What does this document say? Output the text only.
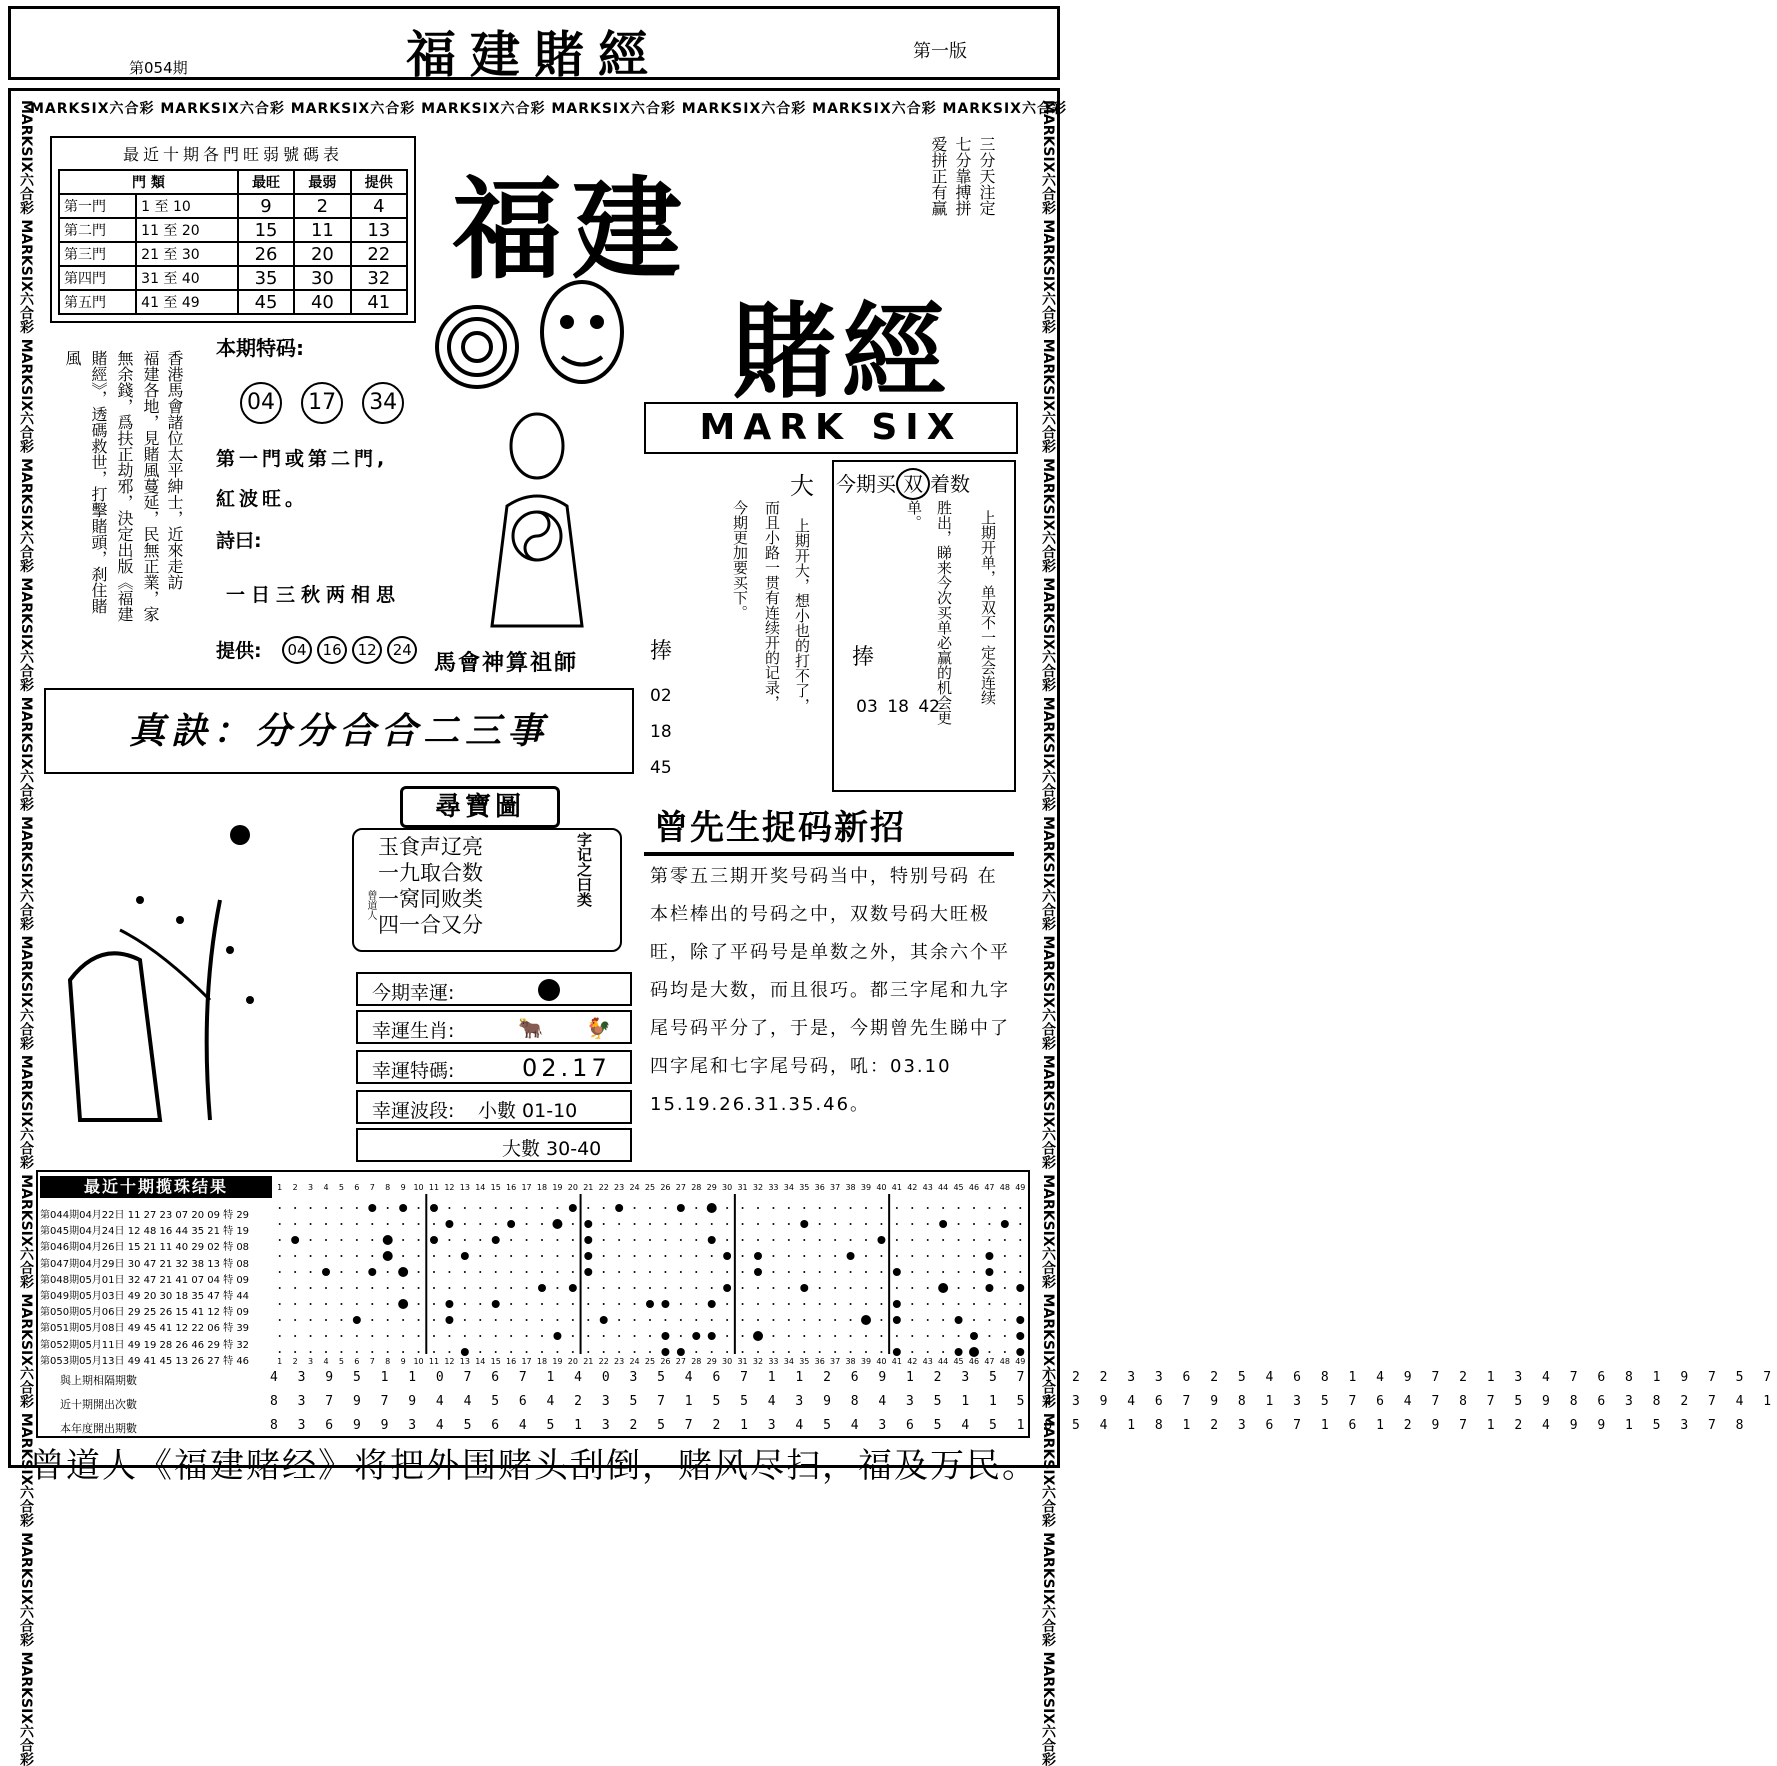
福建賭經
第054期
第一版
MARKSIX六合彩 MARKSIX六合彩 MARKSIX六合彩 MARKSIX六合彩 MARKSIX六合彩 MARKSIX六合彩 MARKSIX六合彩 MARKSIX六合彩
MARKSIX六合彩 MARKSIX六合彩 MARKSIX六合彩 MARKSIX六合彩 MARKSIX六合彩 MARKSIX六合彩 MARKSIX六合彩 MARKSIX六合彩 MARKSIX六合彩 MARKSIX六合彩 MARKSIX六合彩 MARKSIX六合彩 MARKSIX六合彩 MARKSIX六合彩	MARKSIX六合彩 MARKSIX六合彩 MARKSIX六合彩 MARKSIX六合彩 MARKSIX六合彩 MARKSIX六合彩 MARKSIX六合彩 MARKSIX六合彩 MARKSIX六合彩 MARKSIX六合彩 MARKSIX六合彩 MARKSIX六合彩 MARKSIX六合彩 MARKSIX六合彩
最近十期各門旺弱號碼表
門 類		最旺	最弱	提供
第一門	1 至 10	9	2	4
第二門	11 至 20	15	11	13
第三門	21 至 30	26	20	22
第四門	31 至 40	35	30	32
第五門	41 至 49	45	40	41
福建
賭經
爱拼正有赢 七分靠搏拼 三分天注定
香港馬會諸位太平紳士，近來走訪
福建各地，見賭風蔓延，民無正業，家
無余錢，爲扶正劫邪，決定出版《福建
賭經》，透碼救世，打擊賭頭，刹住賭
風	本期特码:
04 17 34
第一門或第二門,
紅波旺。
詩曰:
一日三秋两相思
提供:	04 16 12 24
馬會神算祖師
MARK SIX
大 今期买 双 着数
上期开单，单双不一定会连续
胜出，睇来今次买单必赢的机会更
单。
捧
03 18 42
上期开大，想小也的打不了，
而且小路一贯有连续开的记录，
今期更加要买下。
捧
02
18
45
真訣：分分合合二三事
尋寶圖
玉食声辽亮
一九取合数
一窝同败类
四一合又分
字记之曰类
曾道人
今期幸運:
幸運生肖:	🐂 🐓
幸運特碼:	02.17
幸運波段: 小數 01-10
大數 30-40
曾先生捉码新招
第零五三期开奖号码当中，特别号码 在本栏棒出的号码之中，双数号码大旺极旺，除了平码号是单数之外，其余六个平码均是大数，而且很巧。都三字尾和九字尾号码平分了，于是，今期曾先生睇中了四字尾和七字尾号码，吼：03.10 15.19.26.31.35.46。
最近十期揽珠结果
第044期04月22日 11 27 23 07 20 09 特 29
第045期04月24日 12 48 16 44 35 21 特 19
第046期04月26日 15 21 11 40 29 02 特 08
第047期04月29日 30 47 21 32 38 13 特 08
第048期05月01日 32 47 21 41 07 04 特 09
第049期05月03日 49 20 30 18 35 47 特 44
第050期05月06日 29 25 26 15 41 12 特 09
第051期05月08日 49 45 41 12 22 06 特 39
第052期05月11日 49 19 28 26 46 29 特 32
第053期05月13日 49 41 45 13 26 27 特 46
1
1
2
2
3
3
4
4
5
5
6
6
7
7
8
8
9
9
10
10
11
11
12
12
13
13
14
14
15
15
16
16
17
17
18
18
19
19
20
20
21
21
22
22
23
23
24
24
25
25
26
26
27
27
28
28
29
29
30
30
31
31
32
32
33
33
34
34
35
35
36
36
37
37
38
38
39
39
40
40
41
41
42
42
43
43
44
44
45
45
46
46
47
47
48
48
49
49
與上期相隔期數
近十期開出次數
本年度開出期數
4 3 9 5 1 1 0 7 6 7 1 4 0 3 5 4 6 7 1 1 2 6 9 1 2 3 5 7 1 2 2 3 3 6 2 5 4 6 8 1 4 9 7 2 1 3 4 7 6 8 1 9 7 5 7
8 3 7 9 7 9 4 4 5 6 4 2 3 5 7 1 5 5 4 3 9 8 4 3 5 1 1 5 4 3 9 4 6 7 9 8 1 3 5 7 6 4 7 8 7 5 9 8 6 3 8 2 7 4 1
8 3 6 9 9 3 4 5 6 4 5 1 3 2 5 7 2 1 3 4 5 4 3 6 5 4 5 1 8 5 4 1 8 1 2 3 6 7 1 6 1 2 9 7 1 2 4 9 9 1 5 3 7 8
曾道人《福建赌经》将把外围赌头刮倒，赌风尽扫，福及万民。
